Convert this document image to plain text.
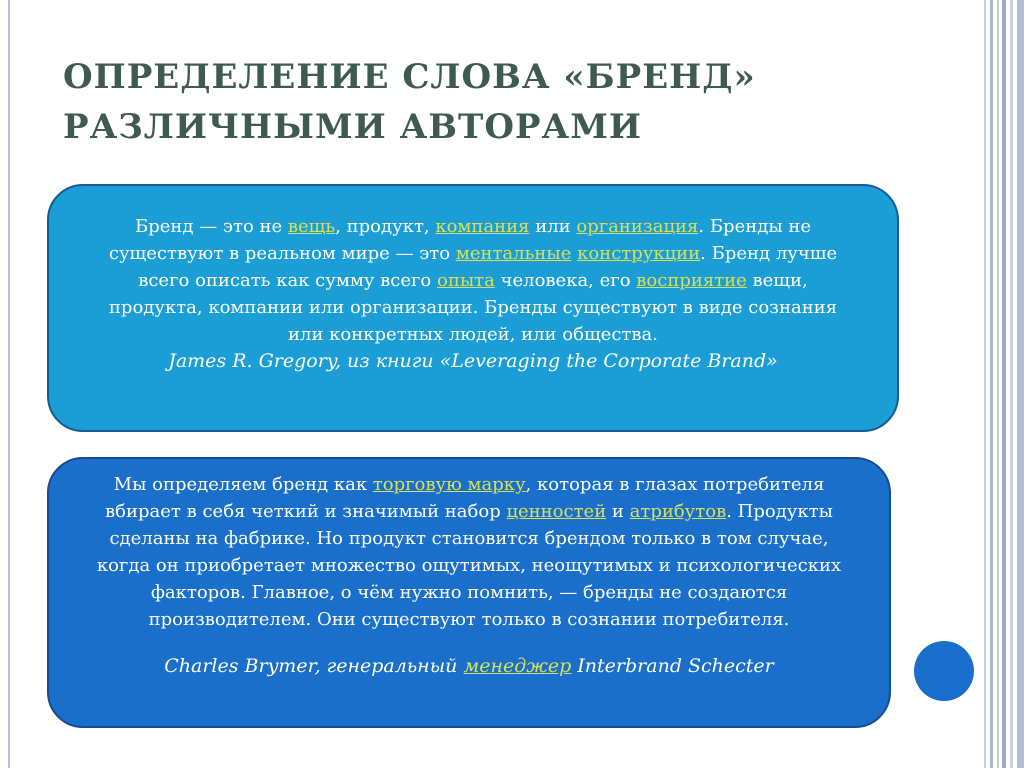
ОПРЕДЕЛЕНИЕ СЛОВА «БРЕНД»
РАЗЛИЧНЫМИ АВТОРАМИ

Бренд — это не вещь, продукт, компания или организация. Бренды не существуют в реальном мире — это ментальные конструкции. Бренд лучше всего описать как сумму всего опыта человека, его восприятие вещи, продукта, компании или организации. Бренды существуют в виде сознания или конкретных людей, или общества.

James R. Gregory, из книги «Leveraging the Corporate Brand»

Мы определяем бренд как торговую марку, которая в глазах потребителя вбирает в себя четкий и значимый набор ценностей и атрибутов. Продукты сделаны на фабрике. Но продукт становится брендом только в том случае, когда он приобретает множество ощутимых, неощутимых и психологических факторов. Главное, о чём нужно помнить, — бренды не создаются производителем. Они существуют только в сознании потребителя.

Charles Brymer, генеральный менеджер Interbrand Schecter
